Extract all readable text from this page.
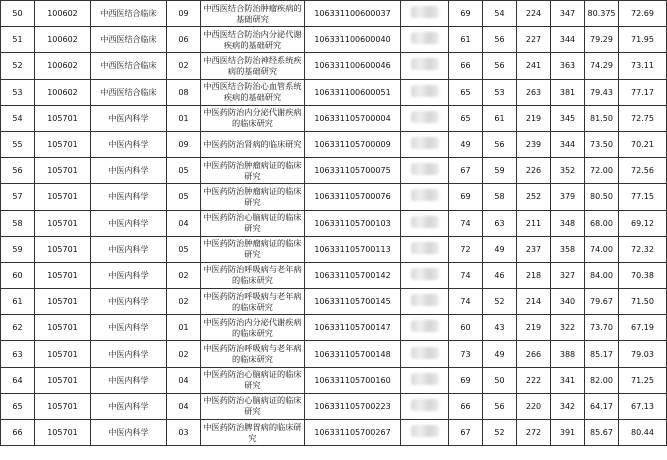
50	100602	中西医结合临床	09	中西医结合防治肿瘤疾病的基础研究	106331100600037		69	54	224	347	80.375	72.69
51	100602	中西医结合临床	06	中西医结合防治内分泌代谢疾病的基础研究	106331100600040		61	56	227	344	79.29	71.95
52	100602	中西医结合临床	02	中西医结合防治神经系统疾病的基础研究	106331100600046		66	56	241	363	74.29	73.11
53	100602	中西医结合临床	08	中西医结合防治心血管系统疾病的基础研究	106331100600051		65	53	263	381	79.43	77.17
54	105701	中医内科学	01	中医药防治内分泌代谢疾病的临床研究	106331105700004		65	61	219	345	81.50	72.75
55	105701	中医内科学	09	中医药防治肾病的临床研究	106331105700009		49	56	239	344	73.50	70.21
56	105701	中医内科学	05	中医药防治肿瘤病证的临床研究	106331105700075		67	59	226	352	72.00	72.56
57	105701	中医内科学	05	中医药防治肿瘤病证的临床研究	106331105700076		69	58	252	379	80.50	77.15
58	105701	中医内科学	04	中医药防治心脑病证的临床研究	106331105700103		74	63	211	348	68.00	69.12
59	105701	中医内科学	05	中医药防治肿瘤病证的临床研究	106331105700113		72	49	237	358	74.00	72.32
60	105701	中医内科学	02	中医药防治呼吸病与老年病的临床研究	106331105700142		74	46	218	327	84.00	70.38
61	105701	中医内科学	02	中医药防治呼吸病与老年病的临床研究	106331105700145		74	52	214	340	79.67	71.50
62	105701	中医内科学	01	中医药防治内分泌代谢疾病的临床研究	106331105700147		60	43	219	322	73.70	67.19
63	105701	中医内科学	02	中医药防治呼吸病与老年病的临床研究	106331105700148		73	49	266	388	85.17	79.03
64	105701	中医内科学	04	中医药防治心脑病证的临床研究	106331105700160		69	50	222	341	82.00	71.25
65	105701	中医内科学	04	中医药防治心脑病证的临床研究	106331105700223		66	56	220	342	64.17	67.13
66	105701	中医内科学	03	中医药防治脾胃病的临床研究	106331105700267		67	52	272	391	85.67	80.44
